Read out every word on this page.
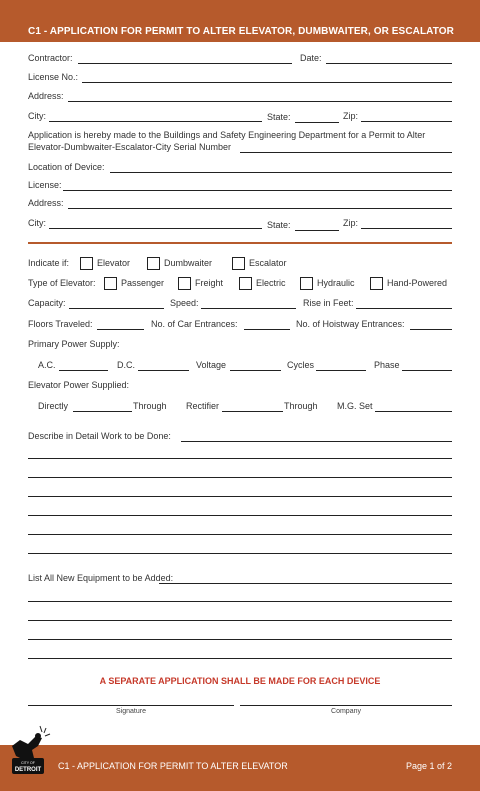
C1 - APPLICATION FOR PERMIT TO ALTER ELEVATOR, DUMBWAITER, OR ESCALATOR
Contractor:	Date:
License No.:
Address:
City:	State:	Zip:
Application is hereby made to the Buildings and Safety Engineering Department for a Permit to Alter
Elevator-Dumbwaiter-Escalator-City Serial Number
Location of Device:
License:
Address:
City:	State:	Zip:
Indicate if:	Elevator	Dumbwaiter	Escalator
Type of Elevator:	Passenger	Freight	Electric	Hydraulic	Hand-Powered
Capacity:	Speed:	Rise in Feet:
Floors Traveled:	No. of Car Entrances:	No. of Hoistway Entrances:
Primary Power Supply:
A.C.	D.C.	Voltage	Cycles	Phase
Elevator Power Supplied:
Directly	Through Rectifier	Through M.G. Set
Describe in Detail Work to be Done:
List All New Equipment to be Added:
A SEPARATE APPLICATION SHALL BE MADE FOR EACH DEVICE
Signature	Company
C1 - APPLICATION FOR PERMIT TO ALTER ELEVATOR	Page 1 of 2
CITY OF
DETROIT
